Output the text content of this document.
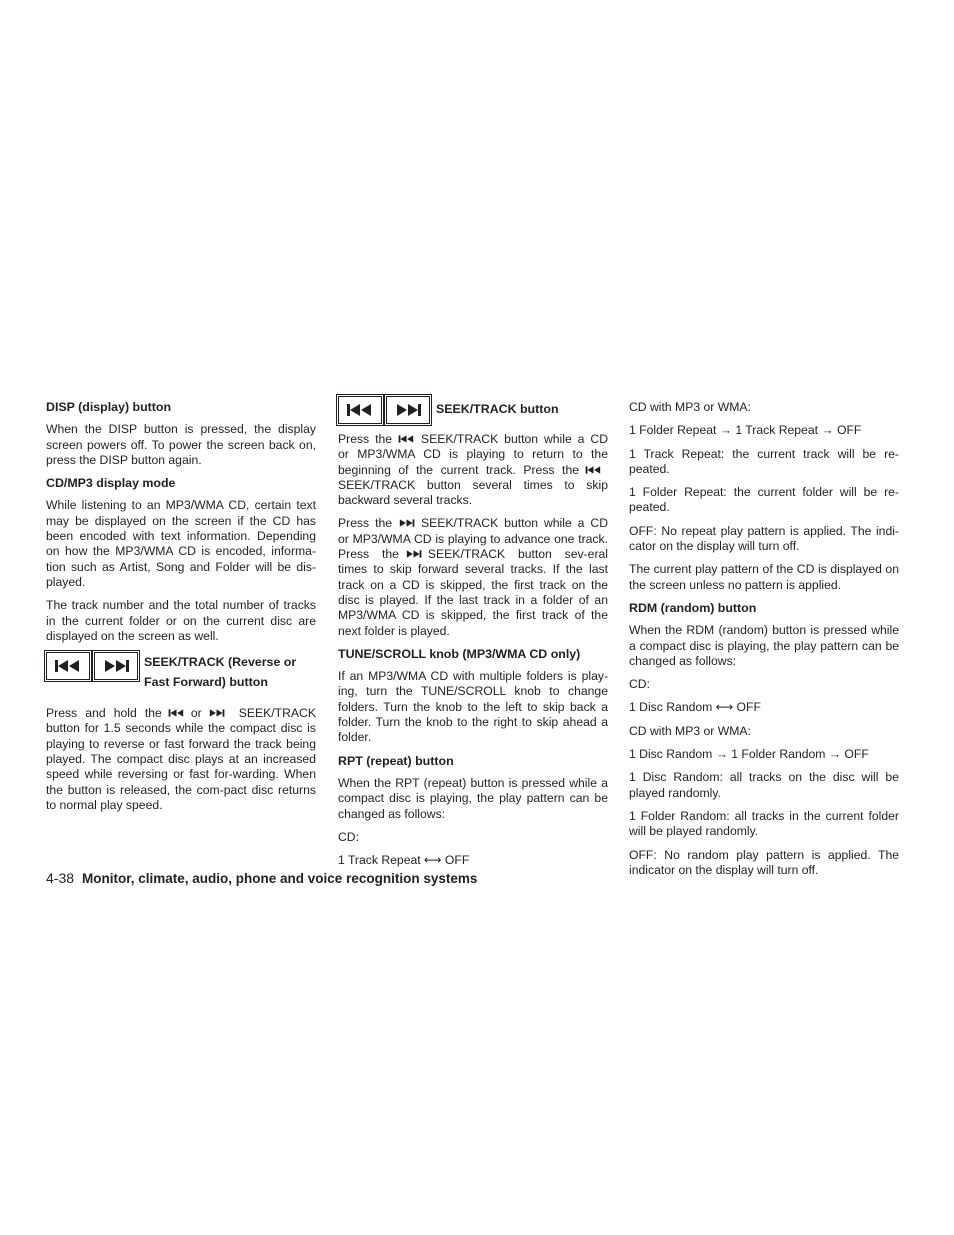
DISP (display) button
When the DISP button is pressed, the display screen powers off. To power the screen back on, press the DISP button again.
CD/MP3 display mode
While listening to an MP3/WMA CD, certain text may be displayed on the screen if the CD has been encoded with text information. Depending on how the MP3/WMA CD is encoded, informa-tion such as Artist, Song and Folder will be dis-played.
The track number and the total number of tracks in the current folder or on the current disc are displayed on the screen as well.
SEEK/TRACK (Reverse or
Fast Forward) button
Press and hold the or	SEEK/TRACK button for 1.5 seconds while the compact disc is playing to reverse or fast forward the track being played. The compact disc plays at an increased speed while reversing or fast for-warding. When the button is released, the com-pact disc returns to normal play speed.
SEEK/TRACK button
Press the SEEK/TRACK button while a CD or MP3/WMA CD is playing to return to the beginning of the current track. Press the
SEEK/TRACK button several times to skip backward several tracks.
Press the SEEK/TRACK button while a CD or MP3/WMA CD is playing to advance one track. Press the SEEK/TRACK button sev-eral times to skip forward several tracks. If the last track on a CD is skipped, the first track on the disc is played. If the last track in a folder of an MP3/WMA CD is skipped, the first track of the next folder is played.
TUNE/SCROLL knob (MP3/WMA CD only)
If an MP3/WMA CD with multiple folders is play-ing, turn the TUNE/SCROLL knob to change folders. Turn the knob to the left to skip back a folder. Turn the knob to the right to skip ahead a folder.
RPT (repeat) button
When the RPT (repeat) button is pressed while a compact disc is playing, the play pattern can be changed as follows:
CD:
1 Track Repeat ⟷ OFF
CD with MP3 or WMA:
1 Folder Repeat → 1 Track Repeat → OFF
1 Track Repeat: the current track will be re-peated.
1 Folder Repeat: the current folder will be re-peated.
OFF: No repeat play pattern is applied. The indi-cator on the display will turn off.
The current play pattern of the CD is displayed on the screen unless no pattern is applied.
RDM (random) button
When the RDM (random) button is pressed while a compact disc is playing, the play pattern can be changed as follows:
CD:
1 Disc Random ⟷ OFF
CD with MP3 or WMA:
1 Disc Random → 1 Folder Random → OFF
1 Disc Random: all tracks on the disc will be played randomly.
1 Folder Random: all tracks in the current folder will be played randomly.
OFF: No random play pattern is applied. The indicator on the display will turn off.
4-38 Monitor, climate, audio, phone and voice recognition systems
